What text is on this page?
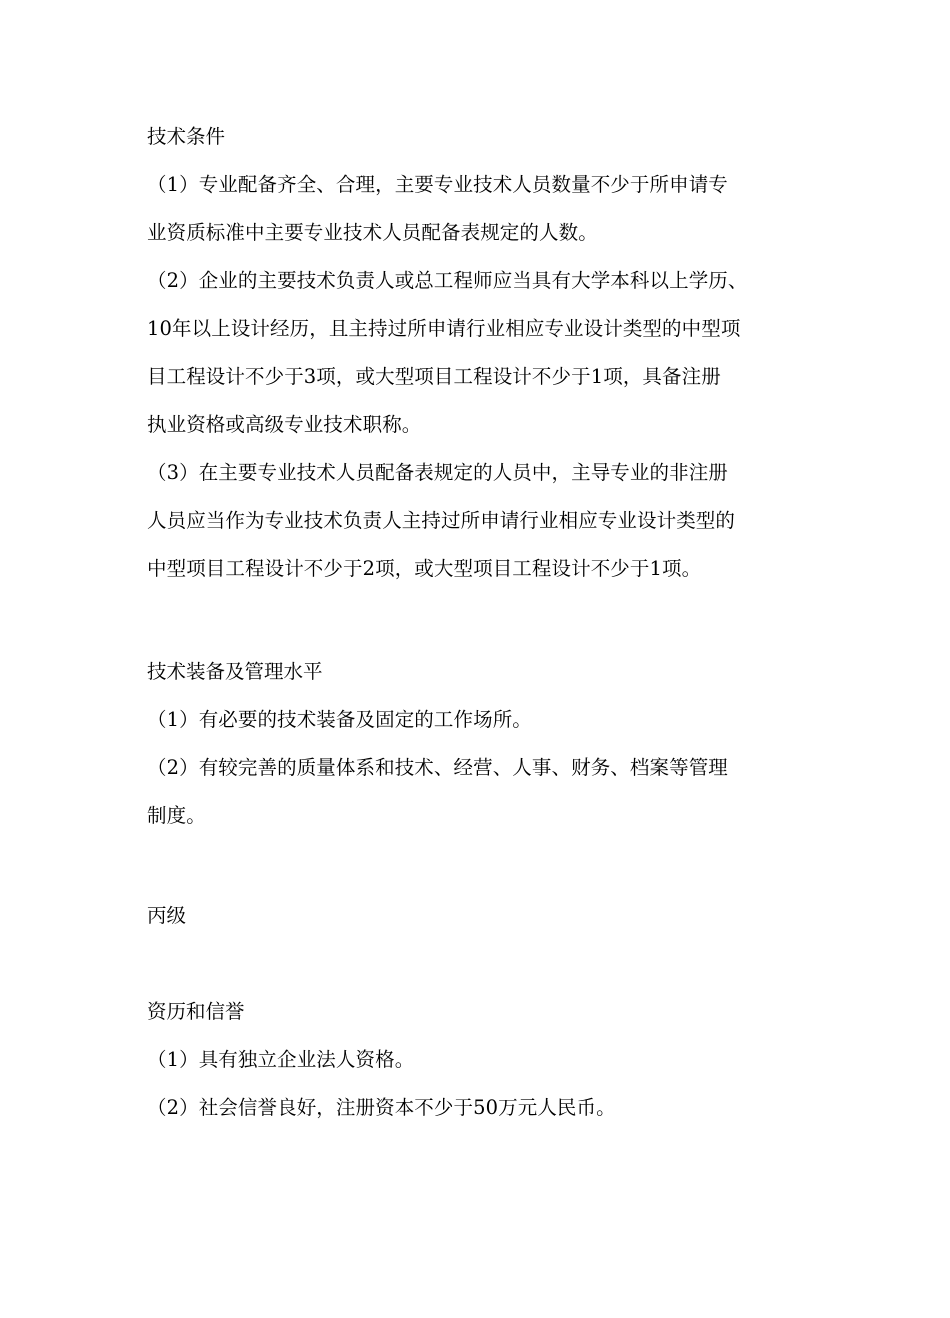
技术条件
（1）专业配备齐全、合理，主要专业技术人员数量不少于所申请专
业资质标准中主要专业技术人员配备表规定的人数。
（2）企业的主要技术负责人或总工程师应当具有大学本科以上学历、
10年以上设计经历，且主持过所申请行业相应专业设计类型的中型项
目工程设计不少于3项，或大型项目工程设计不少于1项，具备注册
执业资格或高级专业技术职称。
（3）在主要专业技术人员配备表规定的人员中，主导专业的非注册
人员应当作为专业技术负责人主持过所申请行业相应专业设计类型的
中型项目工程设计不少于2项，或大型项目工程设计不少于1项。
技术装备及管理水平
（1）有必要的技术装备及固定的工作场所。
（2）有较完善的质量体系和技术、经营、人事、财务、档案等管理
制度。
丙级
资历和信誉
（1）具有独立企业法人资格。
（2）社会信誉良好，注册资本不少于50万元人民币。
